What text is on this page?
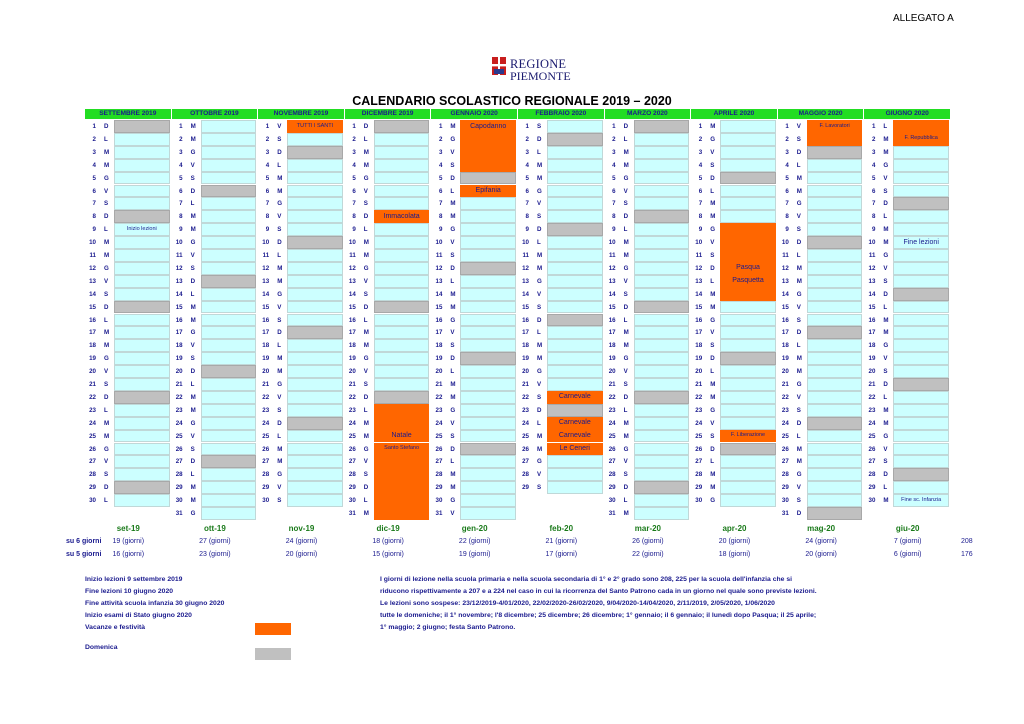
ALLEGATO A
REGIONE
PIEMONTE
CALENDARIO SCOLASTICO REGIONALE 2019 – 2020
SETTEMBRE 2019
1 D
2 L
3 M
4 M
5 G
6 V
7 S
8 D
9 L
10 M
11 M
12 G
13 V
14 S
15 D
16 L
17 M
18 M
19 G
20 V
21 S
22 D
23 L
24 M
25 M
26 G
27 V
28 S
29 D
30 L
Inizio lezioni
OTTOBRE 2019
1 M
2 M
3 G
4 V
5 S
6 D
7 L
8 M
9 M
10 G
11 V
12 S
13 D
14 L
15 M
16 M
17 G
18 V
19 S
20 D
21 L
22 M
23 M
24 G
25 V
26 S
27 D
28 L
29 M
30 M
31 G
NOVEMBRE 2019
1 V
2 S
3 D
4 L
5 M
6 M
7 G
8 V
9 S
10 D
11 L
12 M
13 M
14 G
15 V
16 S
17 D
18 L
19 M
20 M
21 G
22 V
23 S
24 D
25 L
26 M
27 M
28 G
29 V
30 S
TUTTI I SANTI
DICEMBRE 2019
1 D
2 L
3 M
4 M
5 G
6 V
7 S
8 D
9 L
10 M
11 M
12 G
13 V
14 S
15 D
16 L
17 M
18 M
19 G
20 V
21 S
22 D
23 L
24 M
25 M
26 G
27 V
28 S
29 D
30 L
31 M
Immacolata
Natale
Santo Stefano
GENNAIO 2020
1 M
2 G
3 V
4 S
5 D
6 L
7 M
8 M
9 G
10 V
11 S
12 D
13 L
14 M
15 M
16 G
17 V
18 S
19 D
20 L
21 M
22 M
23 G
24 V
25 S
26 D
27 L
28 M
29 M
30 G
31 V
Capodanno
Epifania
FEBBRAIO 2020
1 S
2 D
3 L
4 M
5 M
6 G
7 V
8 S
9 D
10 L
11 M
12 M
13 G
14 V
15 S
16 D
17 L
18 M
19 M
20 G
21 V
22 S
23 D
24 L
25 M
26 M
27 G
28 V
29 S
Carnevale
Carnevale
Carnevale
Le Ceneri
MARZO 2020
1 D
2 L
3 M
4 M
5 G
6 V
7 S
8 D
9 L
10 M
11 M
12 G
13 V
14 S
15 D
16 L
17 M
18 M
19 G
20 V
21 S
22 D
23 L
24 M
25 M
26 G
27 V
28 S
29 D
30 L
31 M
APRILE 2020
1 M
2 G
3 V
4 S
5 D
6 L
7 M
8 M
9 G
10 V
11 S
12 D
13 L
14 M
15 M
16 G
17 V
18 S
19 D
20 L
21 M
22 M
23 G
24 V
25 S
26 D
27 L
28 M
29 M
30 G
Pasqua
Pasquetta
F. Liberazione
MAGGIO 2020
1 V
2 S
3 D
4 L
5 M
6 M
7 G
8 V
9 S
10 D
11 L
12 M
13 M
14 G
15 V
16 S
17 D
18 L
19 M
20 M
21 G
22 V
23 S
24 D
25 L
26 M
27 M
28 G
29 V
30 S
31 D
F. Lavoratori
GIUGNO 2020
1 L
2 M
3 M
4 G
5 V
6 S
7 D
8 L
9 M
10 M
11 G
12 V
13 S
14 D
15 L
16 M
17 M
18 G
19 V
20 S
21 D
22 L
23 M
24 M
25 G
26 V
27 S
28 D
29 L
30 M
F. Repubblica
Fine lezioni
Fine sc. Infanzia
su 6 giorni
su 5 giorni
set-19
19 (giorni)
16 (giorni)
ott-19
27 (giorni)
23 (giorni)
nov-19
24 (giorni)
20 (giorni)
dic-19
18 (giorni)
15 (giorni)
gen-20
22 (giorni)
19 (giorni)
feb-20
21 (giorni)
17 (giorni)
mar-20
26 (giorni)
22 (giorni)
apr-20
20 (giorni)
18 (giorni)
mag-20
24 (giorni)
20 (giorni)
giu-20
7 (giorni)
6 (giorni)
208
176
Inizio lezioni 9 settembre 2019
Fine lezioni 10 giugno 2020
Fine attività scuola infanzia 30 giugno 2020
Inizio esami di Stato giugno 2020
Vacanze e festività
Domenica
I giorni di lezione nella scuola primaria e nella scuola secondaria di 1° e 2° grado sono 208, 225 per la scuola dell'infanzia che si
riducono rispettivamente a 207 e a 224 nel caso in cui la ricorrenza del Santo Patrono cada in un giorno nel quale sono previste lezioni.
Le lezioni sono sospese: 23/12/2019-4/01/2020, 22/02/2020-26/02/2020, 9/04/2020-14/04/2020, 2/11/2019, 2/05/2020, 1/06/2020
tutte le domeniche; il 1° novembre; l'8 dicembre; 25 dicembre; 26 dicembre; 1° gennaio; il 6 gennaio; il lunedì dopo Pasqua; il 25 aprile;
1° maggio; 2 giugno; festa Santo Patrono.
